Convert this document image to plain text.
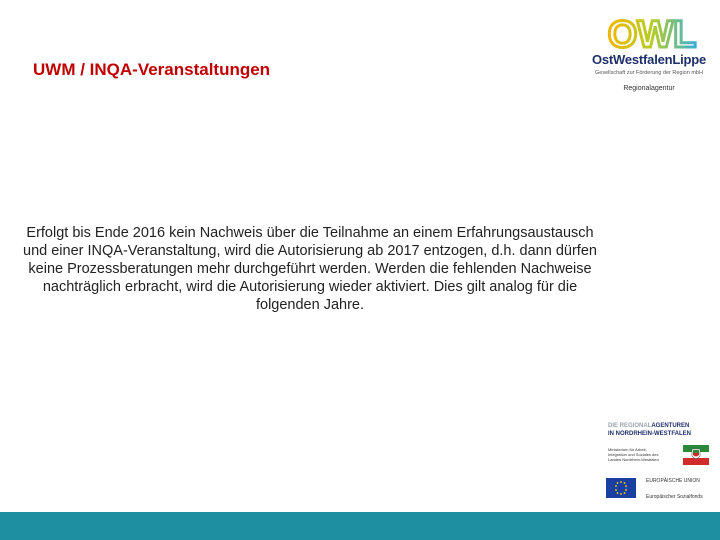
UWM / INQA-Veranstaltungen
OWL
OstWestfalenLippe
Gesellschaft zur Förderung der Region mbH
Regionalagentur
Erfolgt bis Ende 2016 kein Nachweis über die Teilnahme an einem Erfahrungsaustausch und einer INQA-Veranstaltung, wird die Autorisierung ab 2017 entzogen, d.h. dann dürfen keine Prozessberatungen mehr durchgeführt werden. Werden die fehlenden Nachweise nachträglich erbracht, wird die Autorisierung wieder aktiviert. Dies gilt analog für die folgenden Jahre.
DIE REGIONALAGENTUREN
IN NORDRHEIN-WESTFALEN
Ministerium für Arbeit, Integration und Soziales des Landes Nordrhein-Westfalen
EUROPÄISCHE UNION
Europäischer Sozialfonds
